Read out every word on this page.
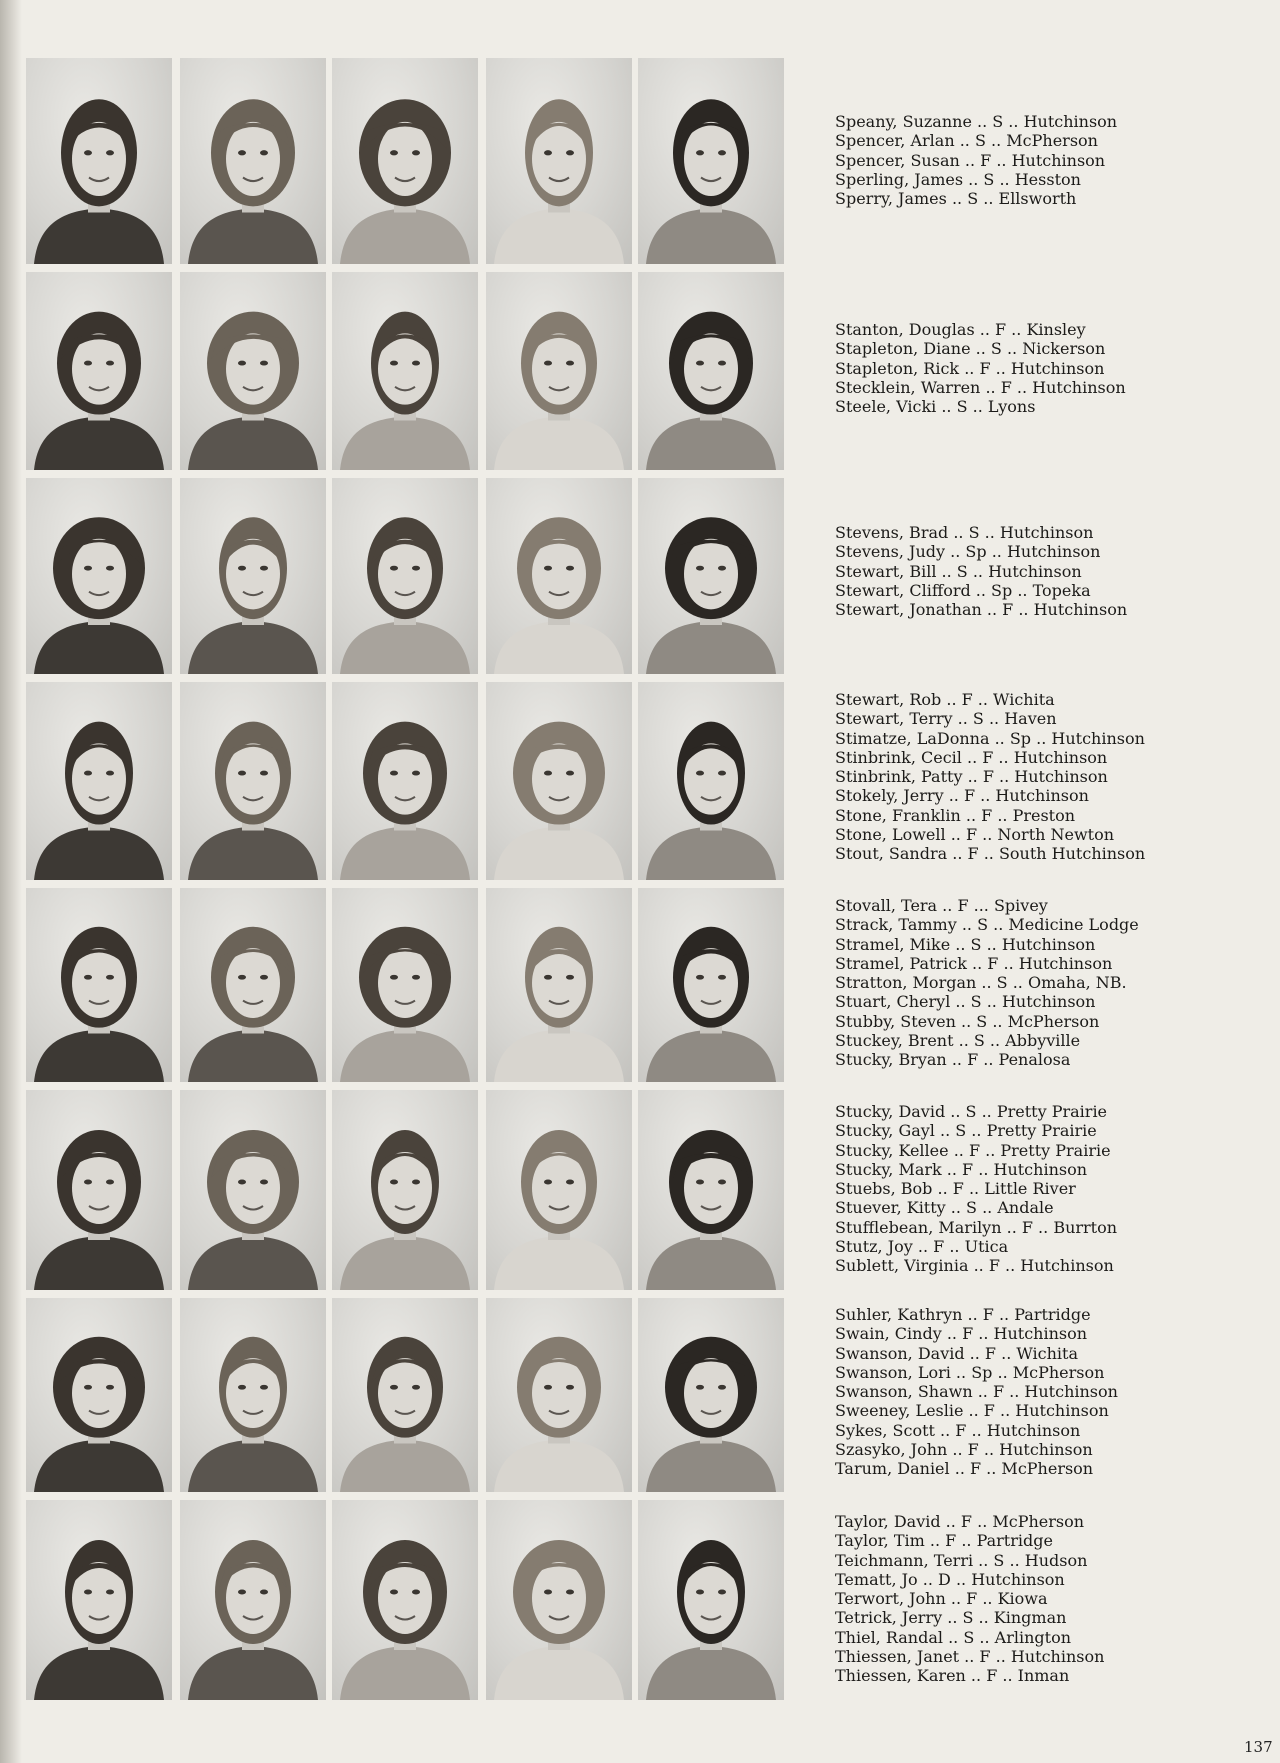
Speany, Suzanne .. S .. Hutchinson
Spencer, Arlan .. S .. McPherson
Spencer, Susan .. F .. Hutchinson
Sperling, James .. S .. Hesston
Sperry, James .. S .. Ellsworth
Stanton, Douglas .. F .. Kinsley
Stapleton, Diane .. S .. Nickerson
Stapleton, Rick .. F .. Hutchinson
Stecklein, Warren .. F .. Hutchinson
Steele, Vicki .. S .. Lyons
Stevens, Brad .. S .. Hutchinson
Stevens, Judy .. Sp .. Hutchinson
Stewart, Bill .. S .. Hutchinson
Stewart, Clifford .. Sp .. Topeka
Stewart, Jonathan .. F .. Hutchinson
Stewart, Rob .. F .. Wichita
Stewart, Terry .. S .. Haven
Stimatze, LaDonna .. Sp .. Hutchinson
Stinbrink, Cecil .. F .. Hutchinson
Stinbrink, Patty .. F .. Hutchinson
Stokely, Jerry .. F .. Hutchinson
Stone, Franklin .. F .. Preston
Stone, Lowell .. F .. North Newton
Stout, Sandra .. F .. South Hutchinson
Stovall, Tera .. F ... Spivey
Strack, Tammy .. S .. Medicine Lodge
Stramel, Mike .. S .. Hutchinson
Stramel, Patrick .. F .. Hutchinson
Stratton, Morgan .. S .. Omaha, NB.
Stuart, Cheryl .. S .. Hutchinson
Stubby, Steven .. S .. McPherson
Stuckey, Brent .. S .. Abbyville
Stucky, Bryan .. F .. Penalosa
Stucky, David .. S .. Pretty Prairie
Stucky, Gayl .. S .. Pretty Prairie
Stucky, Kellee .. F .. Pretty Prairie
Stucky, Mark .. F .. Hutchinson
Stuebs, Bob .. F .. Little River
Stuever, Kitty .. S .. Andale
Stufflebean, Marilyn .. F .. Burrton
Stutz, Joy .. F .. Utica
Sublett, Virginia .. F .. Hutchinson
Suhler, Kathryn .. F .. Partridge
Swain, Cindy .. F .. Hutchinson
Swanson, David .. F .. Wichita
Swanson, Lori .. Sp .. McPherson
Swanson, Shawn .. F .. Hutchinson
Sweeney, Leslie .. F .. Hutchinson
Sykes, Scott .. F .. Hutchinson
Szasyko, John .. F .. Hutchinson
Tarum, Daniel .. F .. McPherson
Taylor, David .. F .. McPherson
Taylor, Tim .. F .. Partridge
Teichmann, Terri .. S .. Hudson
Tematt, Jo .. D .. Hutchinson
Terwort, John .. F .. Kiowa
Tetrick, Jerry .. S .. Kingman
Thiel, Randal .. S .. Arlington
Thiessen, Janet .. F .. Hutchinson
Thiessen, Karen .. F .. Inman
137
